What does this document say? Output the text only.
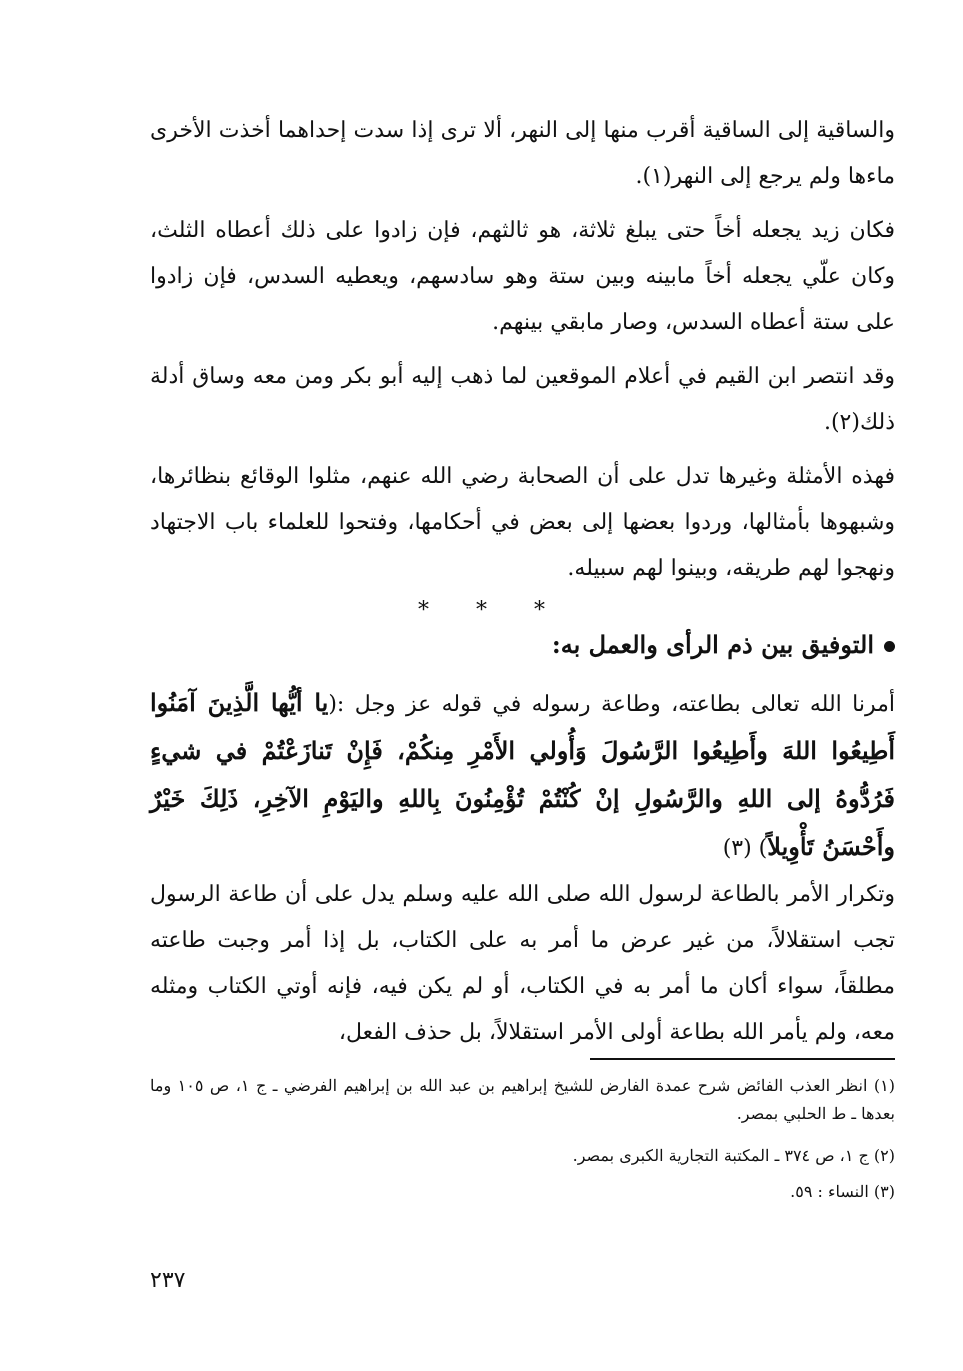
والساقية إلى الساقية أقرب منها إلى النهر، ألا ترى إذا سدت إحداهما أخذت الأخرى ماءها ولم يرجع إلى النهر(١).

فكان زيد يجعله أخاً حتى يبلغ ثلاثة، هو ثالثهم، فإن زادوا على ذلك أعطاه الثلث، وكان علّي يجعله أخاً مابينه وبين ستة وهو سادسهم، ويعطيه السدس، فإن زادوا على ستة أعطاه السدس، وصار مابقي بينهم.

وقد انتصر ابن القيم في أعلام الموقعين لما ذهب إليه أبو بكر ومن معه وساق أدلة ذلك(٢).

فهذه الأمثلة وغيرها تدل على أن الصحابة رضي الله عنهم، مثلوا الوقائع بنظائرها، وشبهوها بأمثالها، وردوا بعضها إلى بعض في أحكامها، وفتحوا للعلماء باب الاجتهاد ونهجوا لهم طريقه، وبينوا لهم سبيله.

* * *
التوفيق بين ذم الرأى والعمل به:

أمرنا الله تعالى بطاعته، وطاعة رسوله في قوله عز وجل :(يا أيُّها الَّذِينَ آمَنُوا أَطِيعُوا اللهَ وأَطِيعُوا الرَّسُولَ وَأُولي الأَمْرِ مِنكُمْ، فَإِنْ تَنازَعْتُمْ في شيءٍ فَرُدُّوهُ إلى اللهِ والرَّسُولِ إنْ كُنْتُمْ تُؤْمِنُونَ بِاللهِ واليَوْمِ الآخِرِ، ذَلِكَ خَيْرٌ وأَحْسَنُ تَأْوِيلاً) (٣)

وتكرار الأمر بالطاعة لرسول الله صلى الله عليه وسلم يدل على أن طاعة الرسول تجب استقلالاً، من غير عرض ما أمر به على الكتاب، بل إذا أمر وجبت طاعته مطلقاً، سواء أكان ما أمر به في الكتاب، أو لم يكن فيه، فإنه أوتي الكتاب ومثله معه، ولم يأمر الله بطاعة أولى الأمر استقلالاً، بل حذف الفعل،

(١) انظر العذب الفائض شرح عمدة الفارض للشيخ إبراهيم بن عبد الله بن إبراهيم الفرضي ـ ج ١، ص ١٠٥ وما بعدها ـ ط الحلبي بمصر.
(٢) ج ١، ص ٣٧٤ ـ المكتبة التجارية الكبرى بمصر.
(٣) النساء : ٥٩.
٢٣٧
